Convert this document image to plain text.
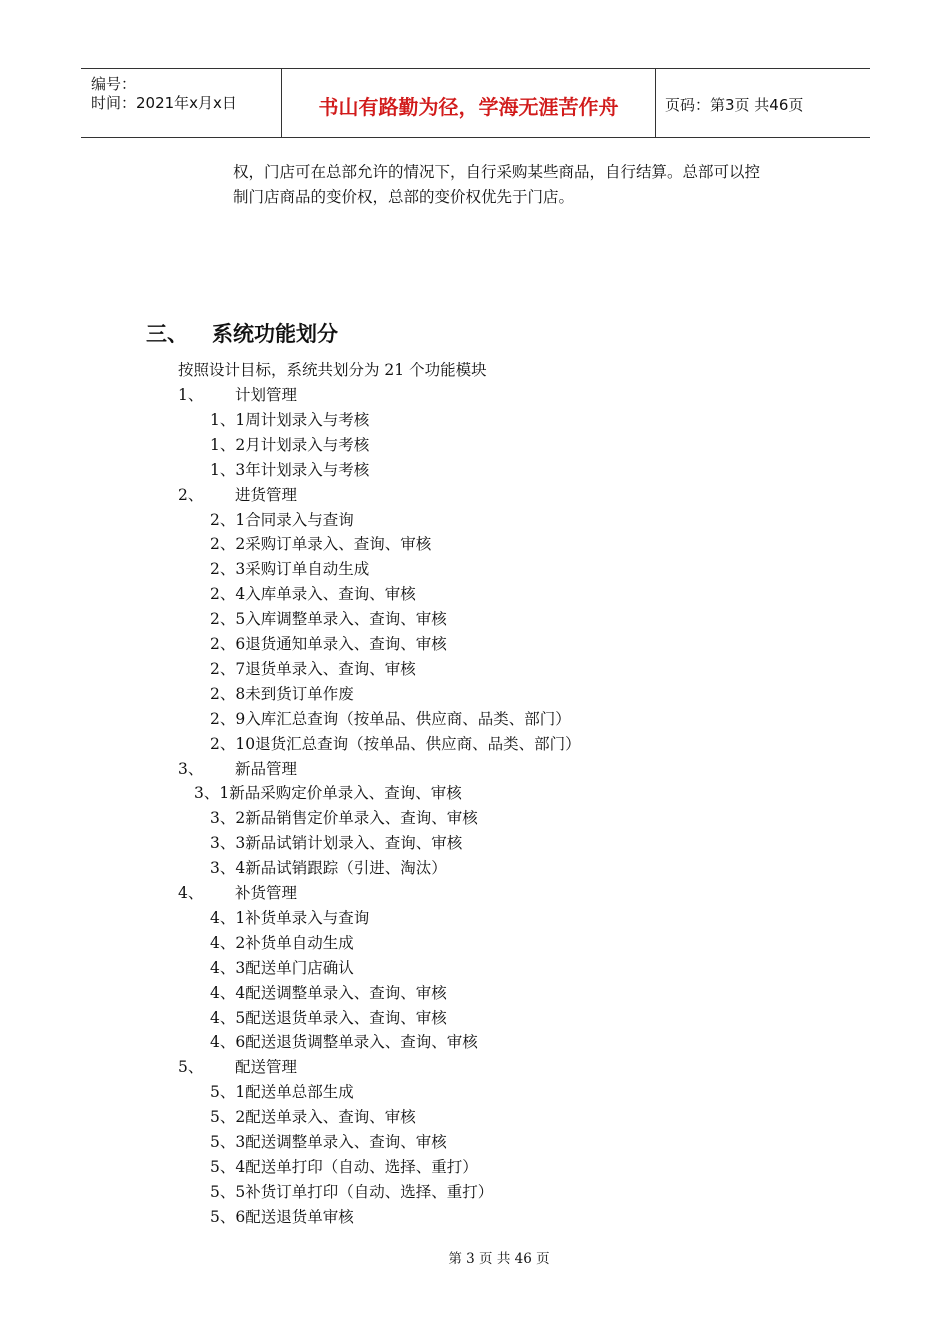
编号：
时间：2021年x月x日	书山有路勤为径，学海无涯苦作舟	页码：第3页 共46页
权，门店可在总部允许的情况下，自行采购某些商品，自行结算。总部可以控
制门店商品的变价权，总部的变价权优先于门店。
三、 系统功能划分
按照设计目标，系统共划分为 21 个功能模块
1、 计划管理
1、1周计划录入与考核
1、2月计划录入与考核
1、3年计划录入与考核
2、 进货管理
2、1合同录入与查询
2、2采购订单录入、查询、审核
2、3采购订单自动生成
2、4入库单录入、查询、审核
2、5入库调整单录入、查询、审核
2、6退货通知单录入、查询、审核
2、7退货单录入、查询、审核
2、8未到货订单作废
2、9入库汇总查询（按单品、供应商、品类、部门）
2、10退货汇总查询（按单品、供应商、品类、部门）
3、 新品管理
3、1新品采购定价单录入、查询、审核
3、2新品销售定价单录入、查询、审核
3、3新品试销计划录入、查询、审核
3、4新品试销跟踪（引进、淘汰）
4、 补货管理
4、1补货单录入与查询
4、2补货单自动生成
4、3配送单门店确认
4、4配送调整单录入、查询、审核
4、5配送退货单录入、查询、审核
4、6配送退货调整单录入、查询、审核
5、 配送管理
5、1配送单总部生成
5、2配送单录入、查询、审核
5、3配送调整单录入、查询、审核
5、4配送单打印（自动、选择、重打）
5、5补货订单打印（自动、选择、重打）
5、6配送退货单审核
第 3 页 共 46 页
